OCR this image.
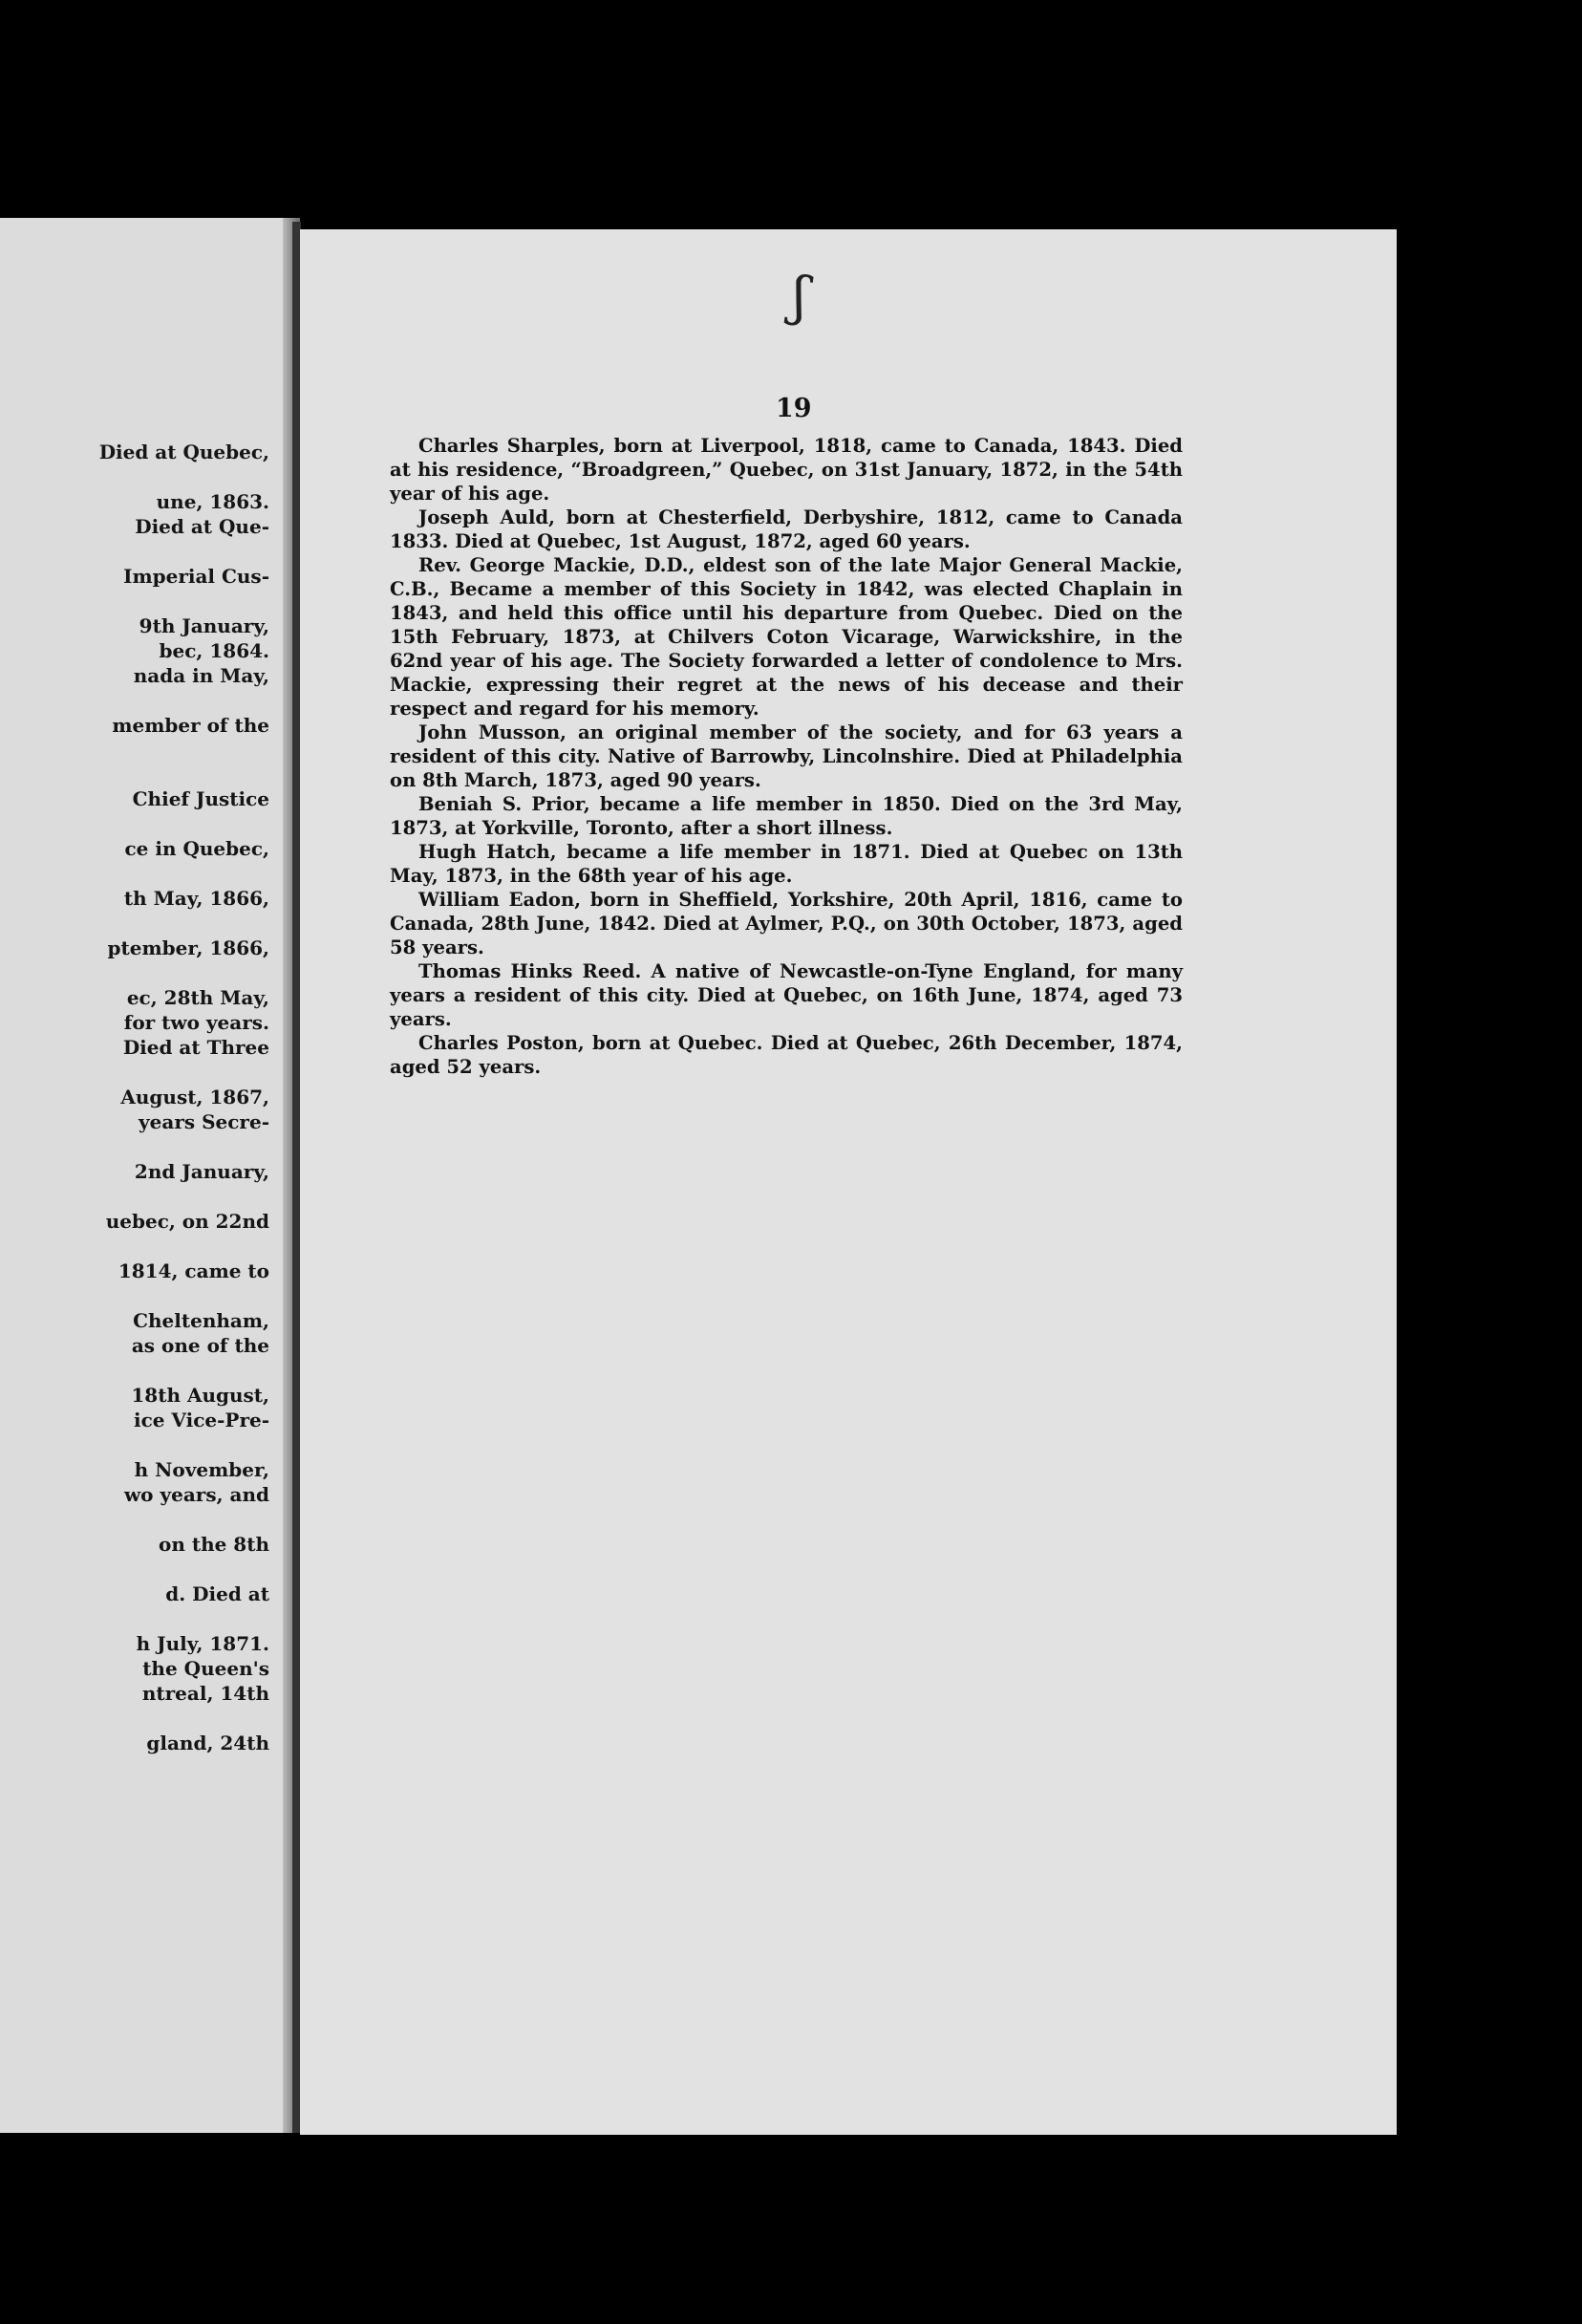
Died at Quebec,
une, 1863.
Died at Que-
Imperial Cus-
9th January,
bec, 1864.
nada in May,
member of the
Chief Justice
ce in Quebec,
th May, 1866,
ptember, 1866,
ec, 28th May,
for two years.
Died at Three
August, 1867,
years Secre-
2nd January,
uebec, on 22nd
1814, came to
Cheltenham,
as one of the
18th August,
ice Vice-Pre-
h November,
wo years, and
on the 8th
d. Died at
h July, 1871.
the Queen's
ntreal, 14th
gland, 24th
ʃ
19

Charles Sharples, born at Liverpool, 1818, came to Canada, 1843. Died at his residence, “Broadgreen,” Quebec, on 31st January, 1872, in the 54th year of his age.

Joseph Auld, born at Chesterfield, Derbyshire, 1812, came to Canada 1833. Died at Quebec, 1st August, 1872, aged 60 years.

Rev. George Mackie, D.D., eldest son of the late Major General Mackie, C.B., Became a member of this Society in 1842, was elected Chaplain in 1843, and held this office until his departure from Quebec. Died on the 15th February, 1873, at Chilvers Coton Vicarage, Warwickshire, in the 62nd year of his age. The Society forwarded a letter of condolence to Mrs. Mackie, expressing their regret at the news of his decease and their respect and regard for his memory.

John Musson, an original member of the society, and for 63 years a resident of this city. Native of Barrowby, Lincolnshire. Died at Philadelphia on 8th March, 1873, aged 90 years.

Beniah S. Prior, became a life member in 1850. Died on the 3rd May, 1873, at Yorkville, Toronto, after a short illness.

Hugh Hatch, became a life member in 1871. Died at Quebec on 13th May, 1873, in the 68th year of his age.

William Eadon, born in Sheffield, Yorkshire, 20th April, 1816, came to Canada, 28th June, 1842. Died at Aylmer, P.Q., on 30th October, 1873, aged 58 years.

Thomas Hinks Reed. A native of Newcastle-on-Tyne England, for many years a resident of this city. Died at Quebec, on 16th June, 1874, aged 73 years.

Charles Poston, born at Quebec. Died at Quebec, 26th December, 1874, aged 52 years.
